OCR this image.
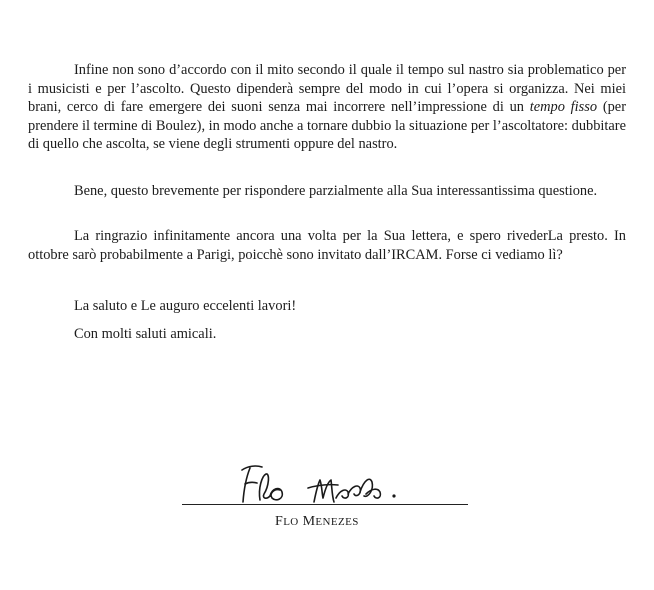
Infine non sono d’accordo con il mito secondo il quale il tempo sul nastro sia problematico per i musicisti e per l’ascolto. Questo dipenderà sempre del modo in cui l’opera si organizza. Nei miei brani, cerco di fare emergere dei suoni senza mai incorrere nell’impressione di un tempo fisso (per prendere il termine di Boulez), in modo anche a tornare dubbio la situazione per l’ascoltatore: dubbitare di quello che ascolta, se viene degli strumenti oppure del nastro.

Bene, questo brevemente per rispondere parzialmente alla Sua interessantissima questione.

La ringrazio infinitamente ancora una volta per la Sua lettera, e spero rivederLa presto. In ottobre sarò probabilmente a Parigi, poicchè sono invitato dall’IRCAM. Forse ci vediamo lì?

La saluto e Le auguro eccelenti lavori!

Con molti saluti amicali.

FLO MENEZES
